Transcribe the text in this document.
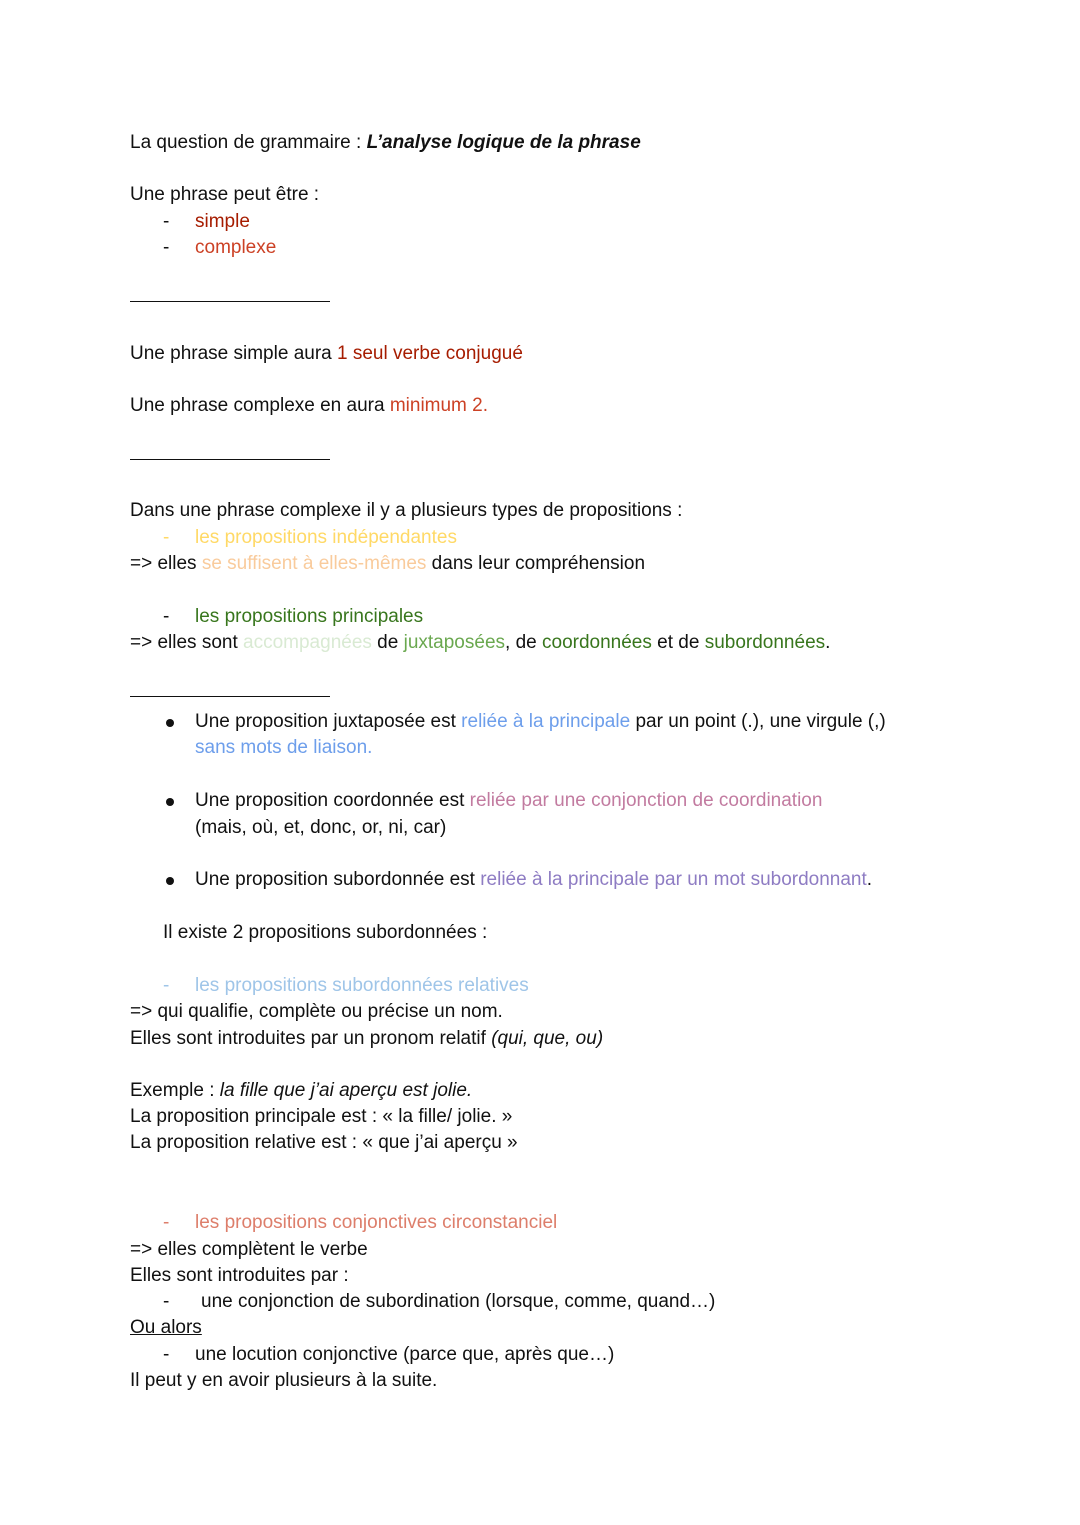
La question de grammaire : L’analyse logique de la phrase
Une phrase peut être :
- simple
- complexe
Une phrase simple aura 1 seul verbe conjugué
Une phrase complexe en aura minimum 2.
Dans une phrase complexe il y a plusieurs types de propositions :
- les propositions indépendantes
=> elles se suffisent à elles-mêmes dans leur compréhension
- les propositions principales
=> elles sont accompagnées de juxtaposées, de coordonnées et de subordonnées.
Une proposition juxtaposée est reliée à la principale par un point (.), une virgule (,)
sans mots de liaison.
Une proposition coordonnée est reliée par une conjonction de coordination
(mais, où, et, donc, or, ni, car)
Une proposition subordonnée est reliée à la principale par un mot subordonnant.
Il existe 2 propositions subordonnées :
- les propositions subordonnées relatives
=> qui qualifie, complète ou précise un nom.
Elles sont introduites par un pronom relatif (qui, que, ou)
Exemple : la fille que j’ai aperçu est jolie.
La proposition principale est : « la fille/ jolie. »
La proposition relative est : « que j’ai aperçu »
- les propositions conjonctives circonstanciel
=> elles complètent le verbe
Elles sont introduites par :
- une conjonction de subordination (lorsque, comme, quand…)
Ou alors
- une locution conjonctive (parce que, après que…)
Il peut y en avoir plusieurs à la suite.
